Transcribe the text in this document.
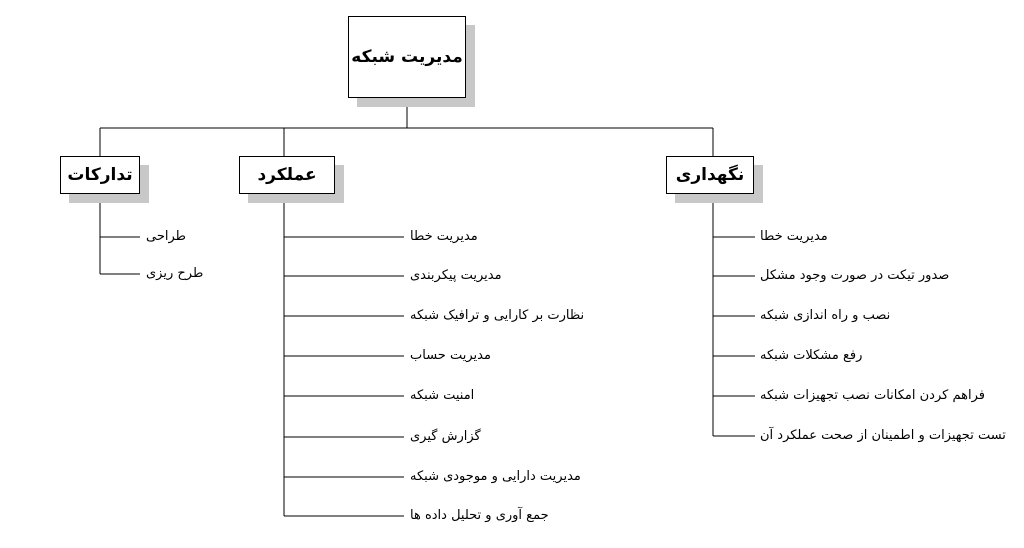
مدیریت شبکه
تدارکات	عملکرد	نگهداری
طراحی
طرح ریزی
مدیریت خطا
مدیریت پیکربندی
نظارت بر کارایی و ترافیک شبکه
مدیریت حساب
امنیت شبکه
گزارش گیری
مدیریت دارایی و موجودی شبکه
جمع آوری و تحلیل داده ها
مدیریت خطا
صدور تیکت در صورت وجود مشکل
نصب و راه اندازی شبکه
رفع مشکلات شبکه
فراهم کردن امکانات نصب تجهیزات شبکه
تست تجهیزات و اطمینان از صحت عملکرد آن
